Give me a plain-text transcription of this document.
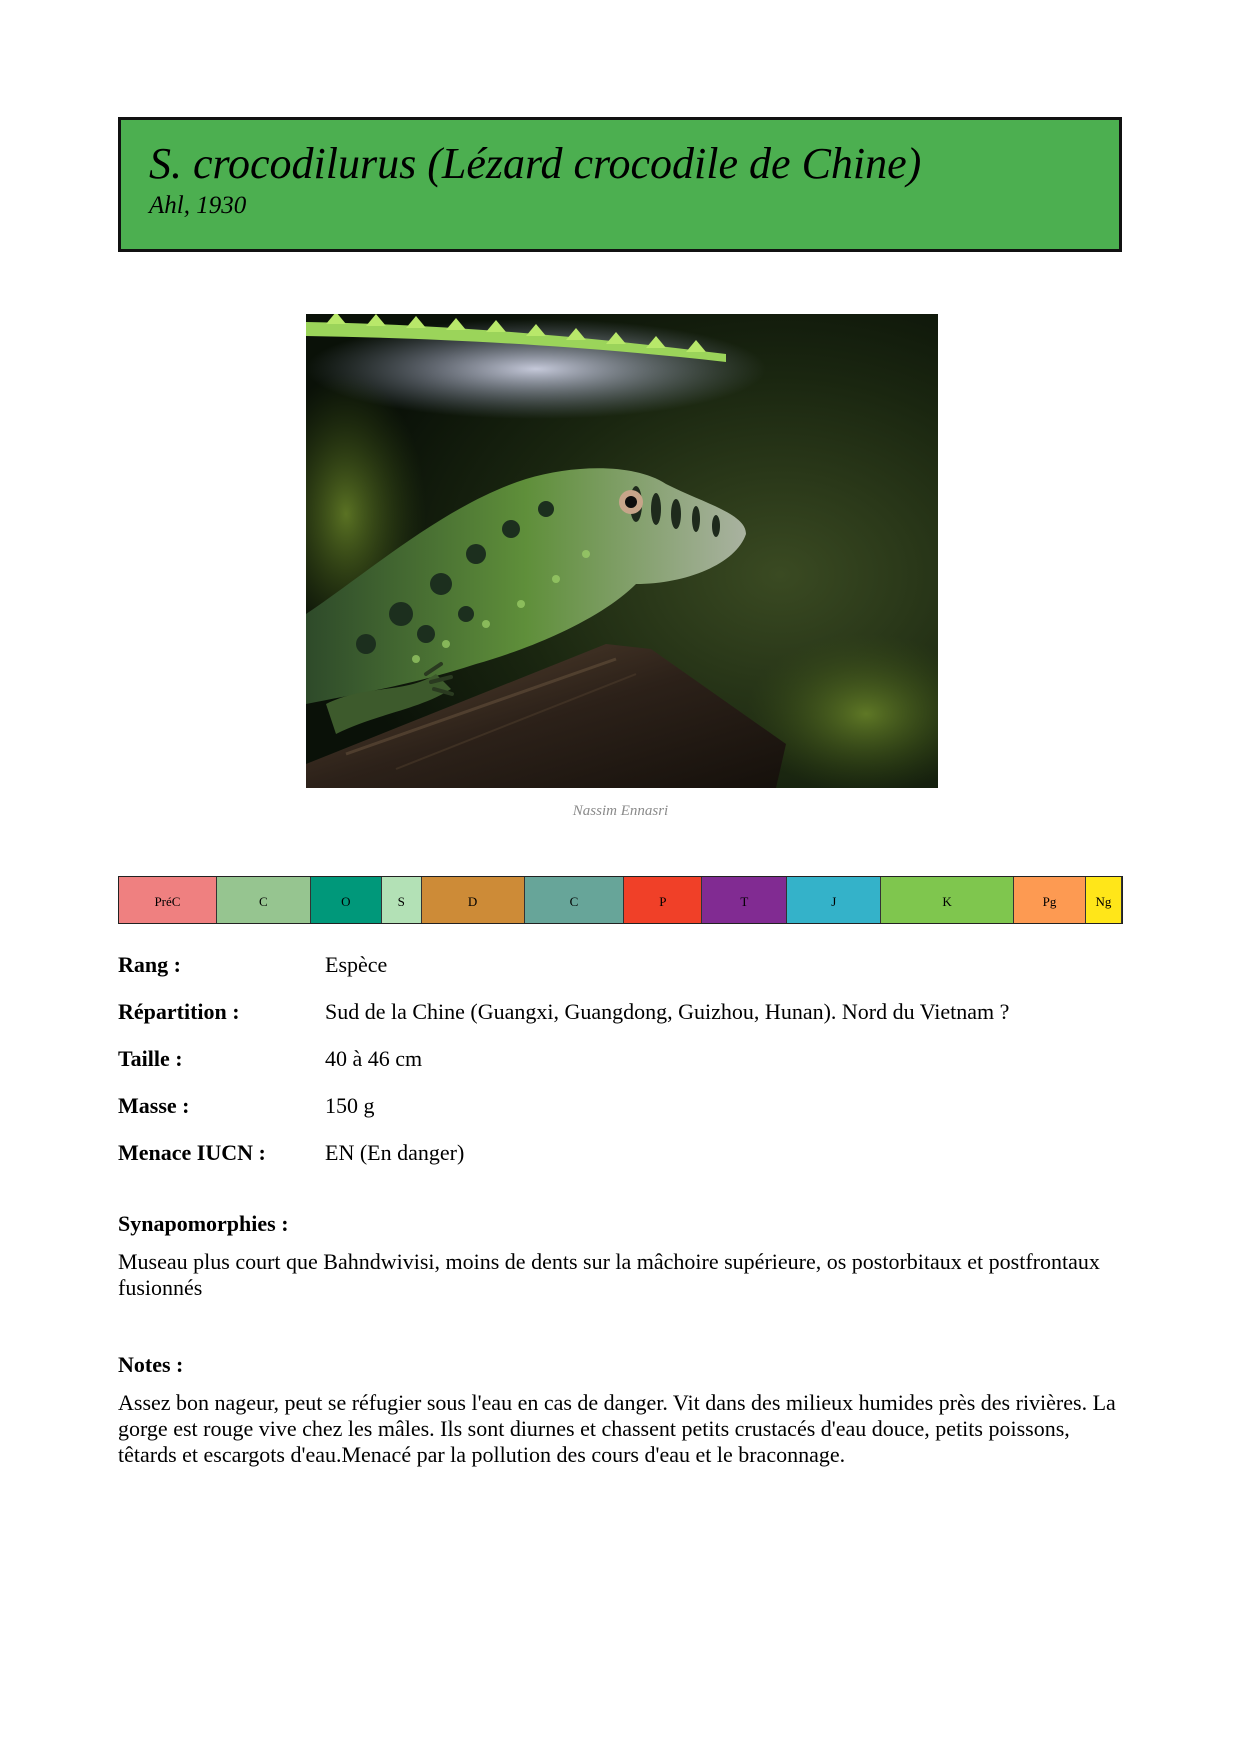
S. crocodilurus (Lézard crocodile de Chine)
Ahl, 1930
Nassim Ennasri
PréC	C	O	S	D	C	P	T	J	K	Pg	Ng
Rang :	Espèce
Répartition :	Sud de la Chine (Guangxi, Guangdong, Guizhou, Hunan). Nord du Vietnam ?
Taille :	40 à 46 cm
Masse :	150 g
Menace IUCN :	EN (En danger)
Synapomorphies :
Museau plus court que Bahndwivisi, moins de dents sur la mâchoire supérieure, os postorbitaux et postfrontaux fusionnés
Notes :
Assez bon nageur, peut se réfugier sous l'eau en cas de danger. Vit dans des milieux humides près des rivières. La gorge est rouge vive chez les mâles. Ils sont diurnes et chassent petits crustacés d'eau douce, petits poissons, têtards et escargots d'eau.Menacé par la pollution des cours d'eau et le braconnage.
